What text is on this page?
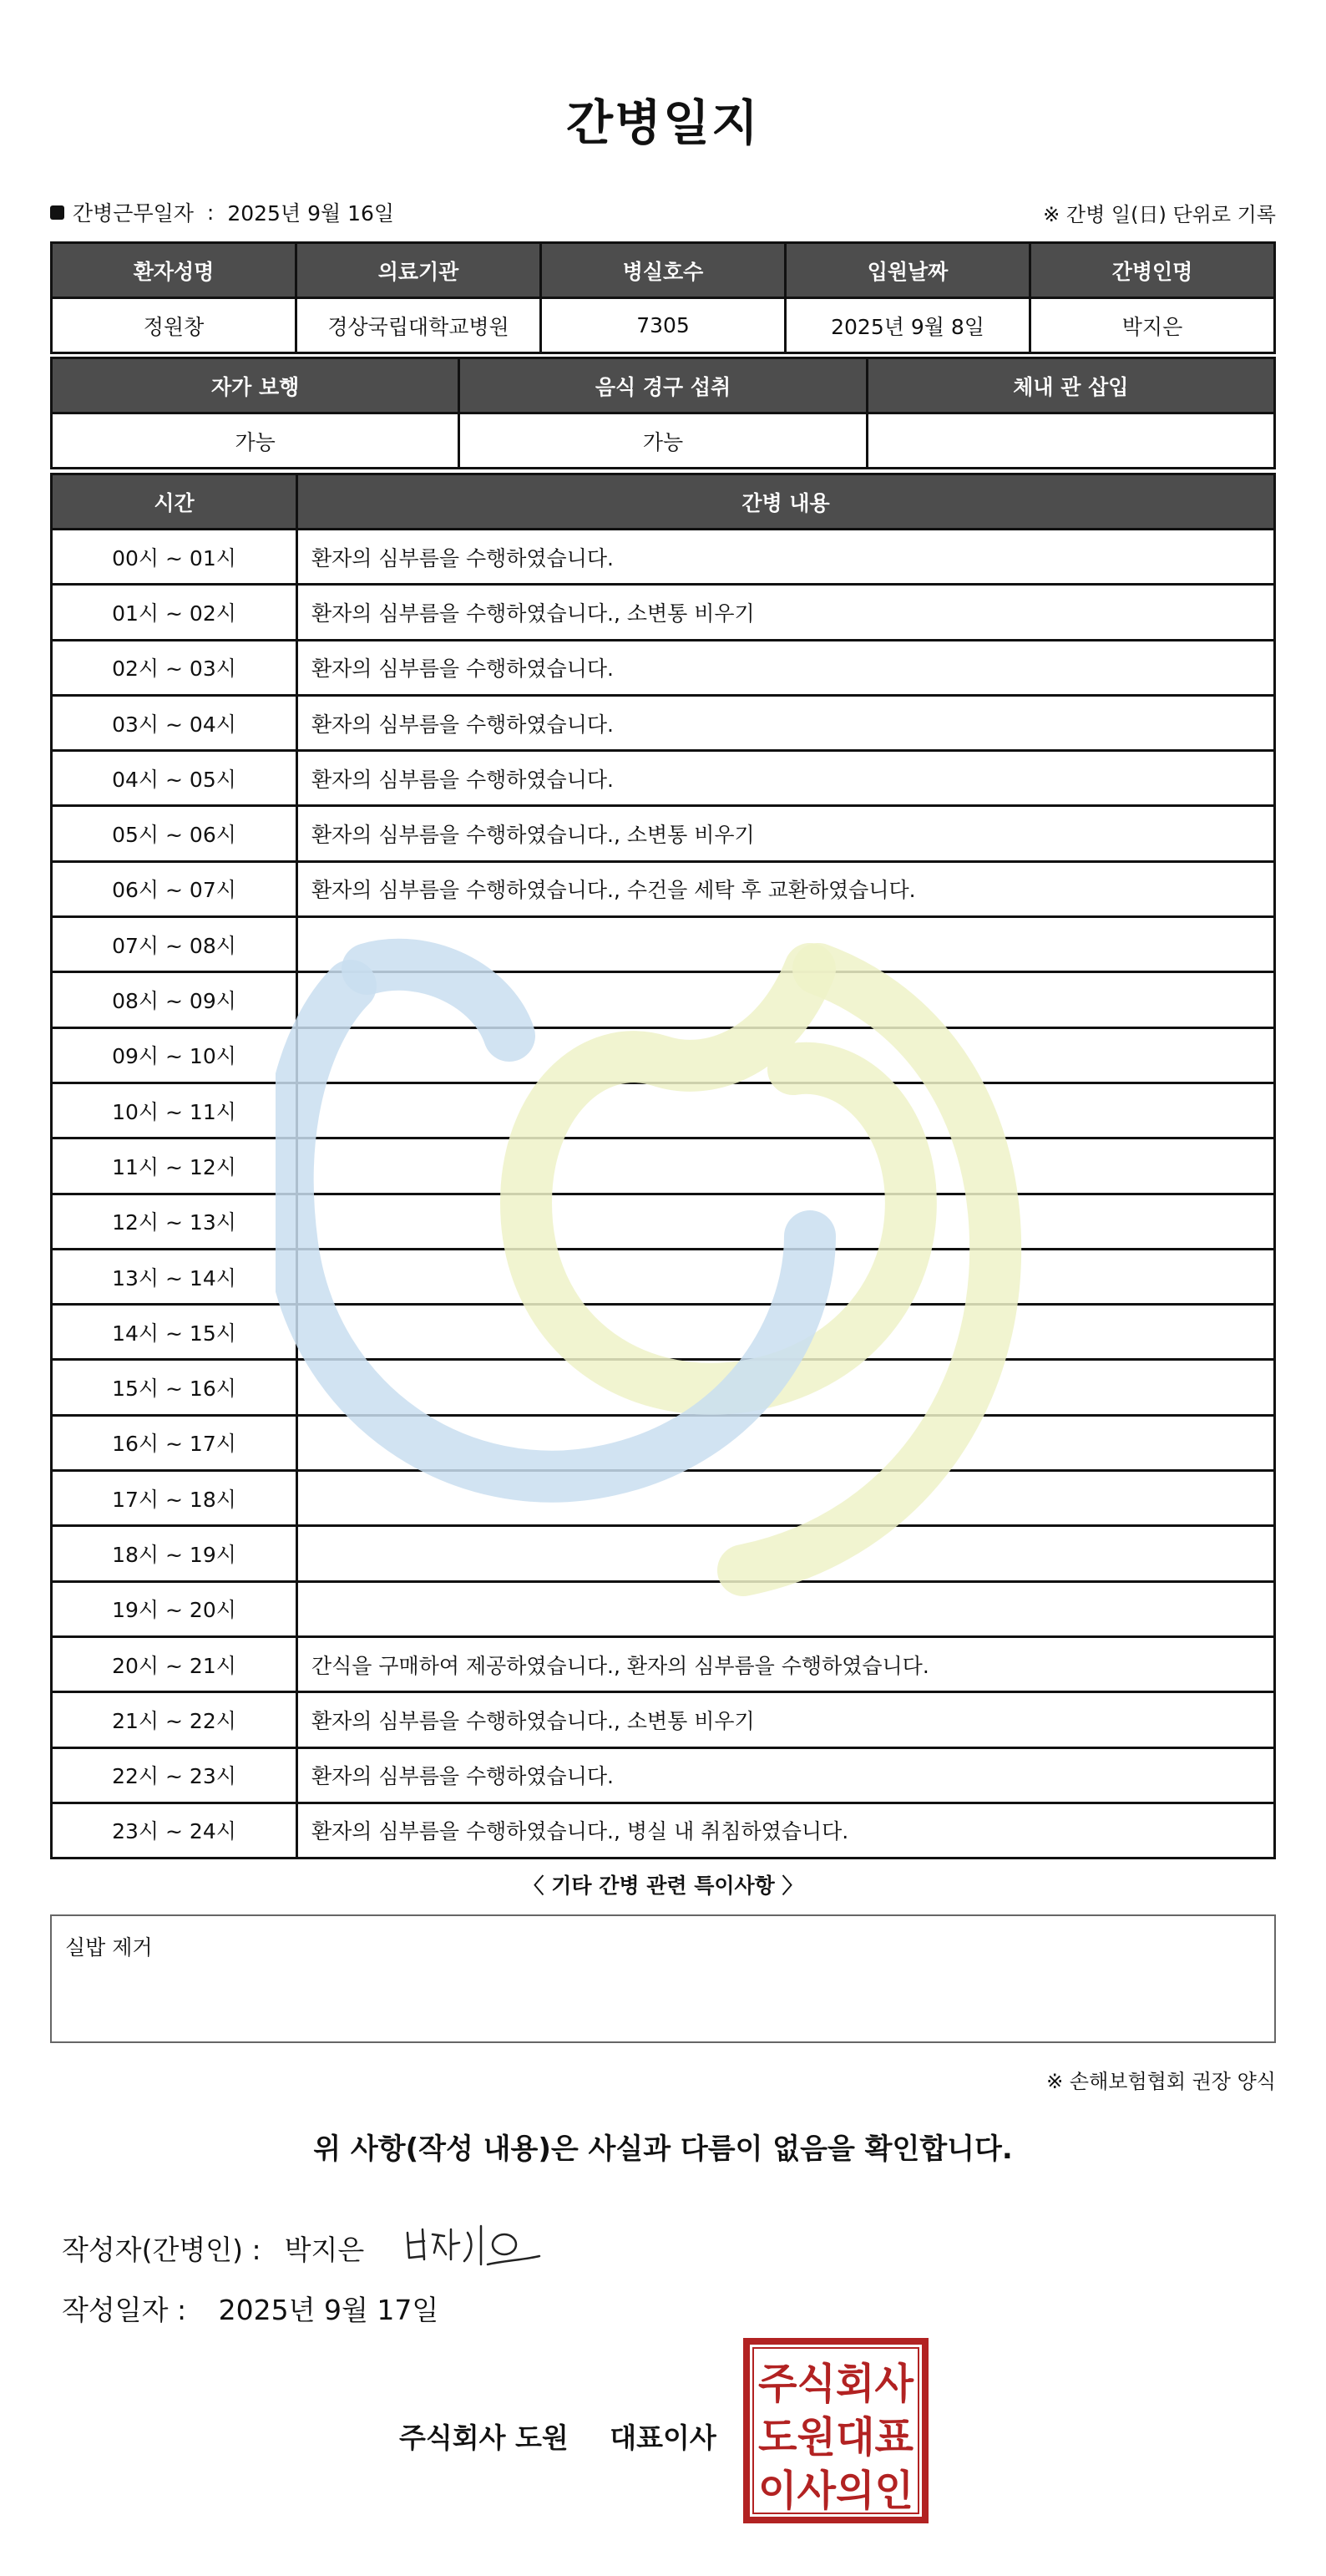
간병일지
간병근무일자 : 2025년 9월 16일	※ 간병 일(日) 단위로 기록
환자성명	의료기관	병실호수	입원날짜	간병인명
정원창	경상국립대학교병원	7305	2025년 9월 8일	박지은
자가 보행	음식 경구 섭취	체내 관 삽입
가능	가능	
시간	간병 내용
00시 ~ 01시	환자의 심부름을 수행하였습니다.
01시 ~ 02시	환자의 심부름을 수행하였습니다., 소변통 비우기
02시 ~ 03시	환자의 심부름을 수행하였습니다.
03시 ~ 04시	환자의 심부름을 수행하였습니다.
04시 ~ 05시	환자의 심부름을 수행하였습니다.
05시 ~ 06시	환자의 심부름을 수행하였습니다., 소변통 비우기
06시 ~ 07시	환자의 심부름을 수행하였습니다., 수건을 세탁 후 교환하였습니다.
07시 ~ 08시	
08시 ~ 09시	
09시 ~ 10시	
10시 ~ 11시	
11시 ~ 12시	
12시 ~ 13시	
13시 ~ 14시	
14시 ~ 15시	
15시 ~ 16시	
16시 ~ 17시	
17시 ~ 18시	
18시 ~ 19시	
19시 ~ 20시	
20시 ~ 21시	간식을 구매하여 제공하였습니다., 환자의 심부름을 수행하였습니다.
21시 ~ 22시	환자의 심부름을 수행하였습니다., 소변통 비우기
22시 ~ 23시	환자의 심부름을 수행하였습니다.
23시 ~ 24시	환자의 심부름을 수행하였습니다., 병실 내 취침하였습니다.
〈 기타 간병 관련 특이사항 〉
실밥 제거
※ 손해보험협회 권장 양식
위 사항(작성 내용)은 사실과 다름이 없음을 확인합니다.
작성자(간병인) : 박지은
작성일자 : 2025년 9월 17일
주식회사 도원 대표이사
주식회사
도원대표
이사의인
